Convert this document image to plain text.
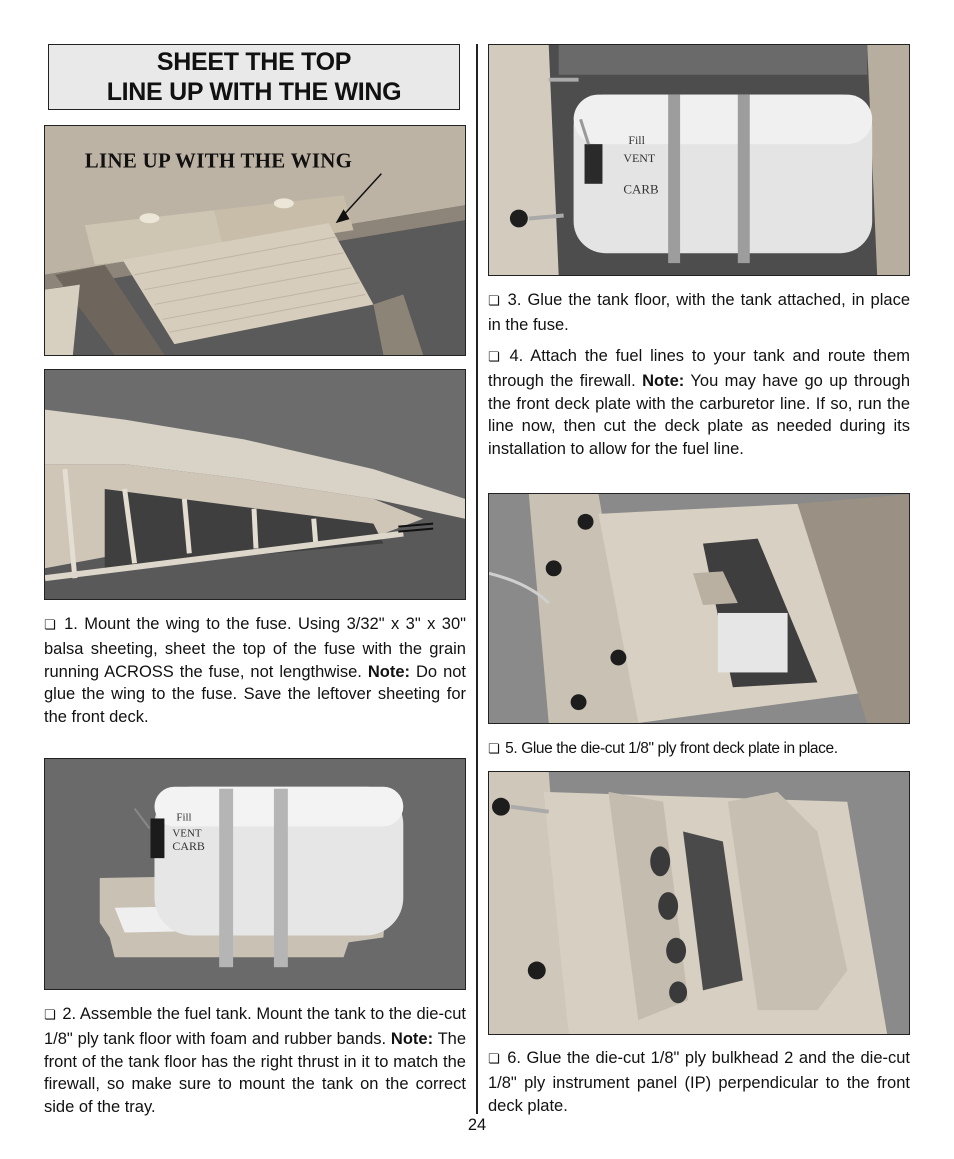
SHEET THE TOP
LINE UP WITH THE WING
LINE UP WITH THE WING
❏ 1. Mount the wing to the fuse. Using 3/32" x 3" x 30" balsa sheeting, sheet the top of the fuse with the grain running ACROSS the fuse, not lengthwise. Note: Do not glue the wing to the fuse. Save the leftover sheeting for the front deck.
CARB
VENT
Fill
❏ 2. Assemble the fuel tank. Mount the tank to the die-cut 1/8" ply tank floor with foam and rubber bands. Note: The front of the tank floor has the right thrust in it to match the firewall, so make sure to mount the tank on the correct side of the tray.
CARB
VENT
Fill
❏ 3. Glue the tank floor, with the tank attached, in place in the fuse.
❏ 4. Attach the fuel lines to your tank and route them through the firewall. Note: You may have go up through the front deck plate with the carburetor line. If so, run the line now, then cut the deck plate as needed during its installation to allow for the fuel line.
❏ 5. Glue the die-cut 1/8" ply front deck plate in place.
❏ 6. Glue the die-cut 1/8" ply bulkhead 2 and the die-cut 1/8" ply instrument panel (IP) perpendicular to the front deck plate.
24
